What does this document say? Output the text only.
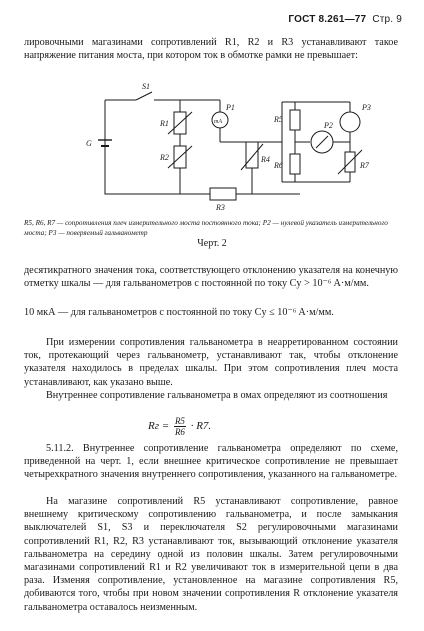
ГОСТ 8.261—77 Стр. 9
лировочными магазинами сопротивлений R1, R2 и R3 устанавливают такое напряжение питания моста, при котором ток в обмотке рамки не превышает:
S1
G
R1
R2
R3
R4
R5
R6	R7
P1
P2
P3
mA
R5, R6, R7 — сопротивления плеч измерительного моста постоянного тока; P2 — нулевой указатель измерительного моста; P3 — поверяемый гальванометр
Черт. 2
десятикратного значения тока, соответствующего отклонению указателя на конечную отметку шкалы — для гальванометров с постоянной по току Cy > 10⁻⁶ A·м/мм.
10 мкА — для гальванометров с постоянной по току Cy ≤ 10⁻⁶ A·м/мм.
При измерении сопротивления гальванометра в неарретированном состоянии ток, протекающий через гальванометр, устанавливают так, чтобы отклонение указателя находилось в пределах шкалы. При этом сопротивления плеч моста устанавливают, как указано выше.
Внутреннее сопротивление гальванометра в омах определяют из соотношения
Rг = $\frac{R5}{R6} \cdot R7$.
5.11.2. Внутреннее сопротивление гальванометра определяют по схеме, приведенной на черт. 1, если внешнее критическое сопротивление не превышает четырехкратного значения внутреннего сопротивления, указанного на гальванометре.
На магазине сопротивлений R5 устанавливают сопротивление, равное внешнему критическому сопротивлению гальванометра, и после замыкания выключателей S1, S3 и переключателя S2 регулировочными магазинами сопротивлений R1, R2, R3 устанавливают ток, вызывающий отклонение указателя гальванометра на середину одной из половин шкалы. Затем регулировочными магазинами сопротивлений R1 и R2 увеличивают ток в измерительной цепи в два раза. Изменяя сопротивление, установленное на магазине сопротивления R5, добиваются того, чтобы при новом значении сопротивления R отклонение указателя гальванометра оставалось неизменным.
